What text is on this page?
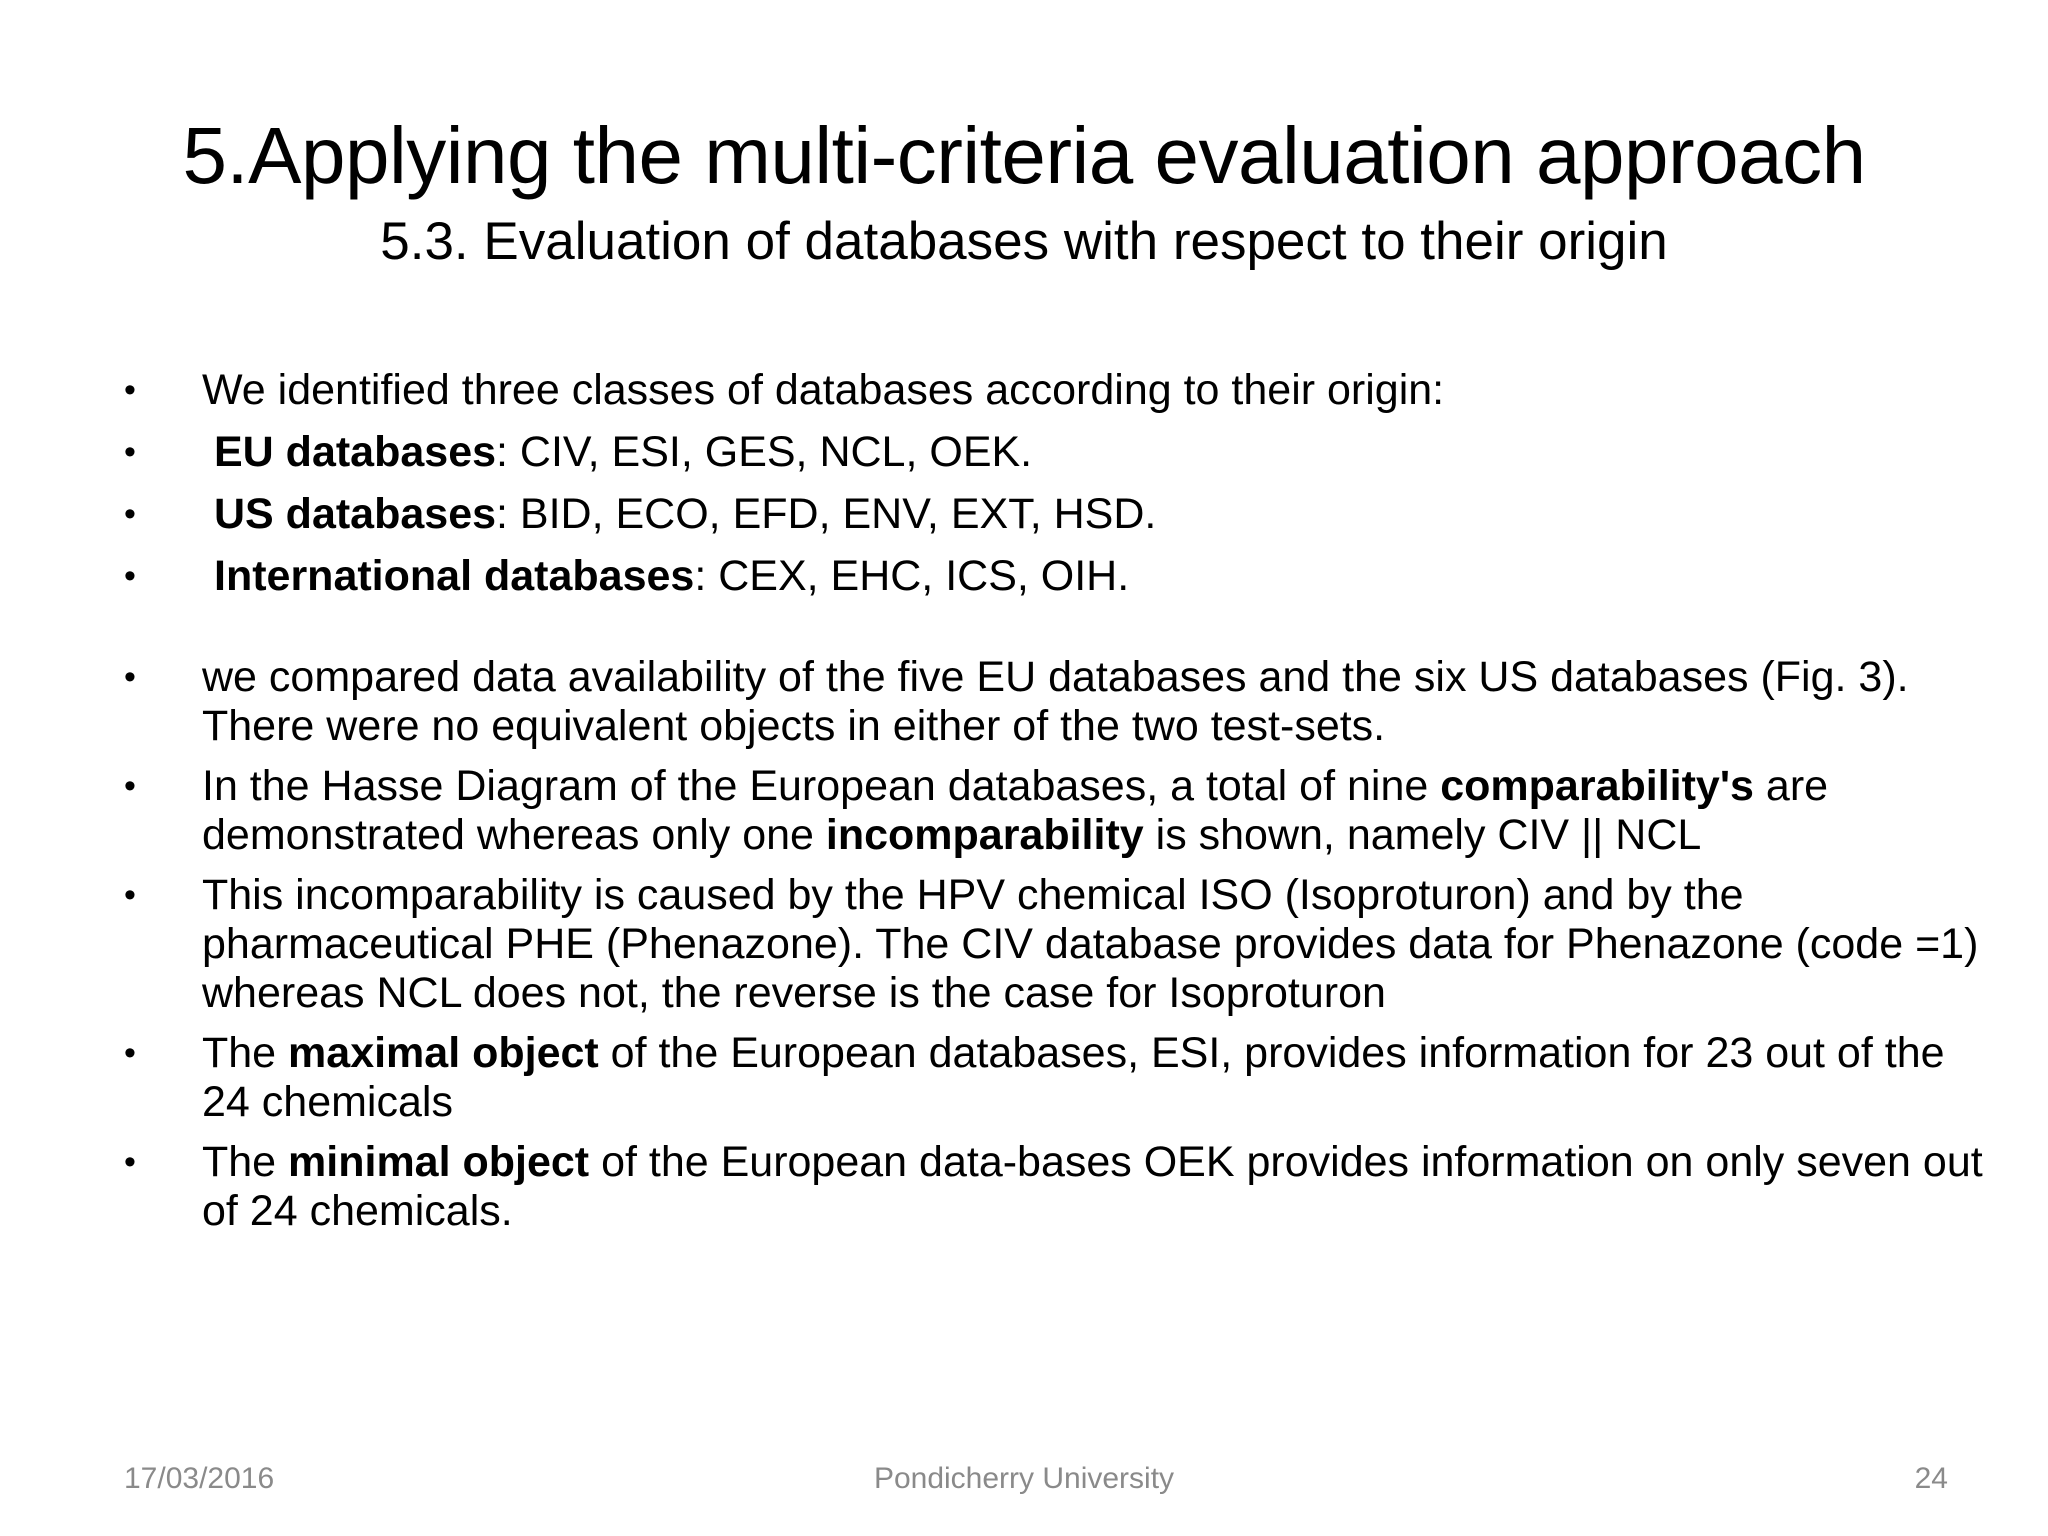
5.Applying the multi-criteria evaluation approach
5.3. Evaluation of databases with respect to their origin
•	We identified three classes of databases according to their origin:
•	EU databases: CIV, ESI, GES, NCL, OEK.
•	US databases: BID, ECO, EFD, ENV, EXT, HSD.
•	International databases: CEX, EHC, ICS, OIH.
•	we compared data availability of the five EU databases and the six US databases (Fig. 3). There were no equivalent objects in either of the two test-sets.
•	In the Hasse Diagram of the European databases, a total of nine comparability's are demonstrated whereas only one incomparability is shown, namely CIV || NCL
•	This incomparability is caused by the HPV chemical ISO (Isoproturon) and by the pharmaceutical PHE (Phenazone). The CIV database provides data for Phenazone (code =1) whereas NCL does not, the reverse is the case for Isoproturon
•	The maximal object of the European databases, ESI, provides information for 23 out of the 24 chemicals
•	The minimal object of the European data-bases OEK provides information on only seven out of 24 chemicals.
17/03/2016	Pondicherry University	24
